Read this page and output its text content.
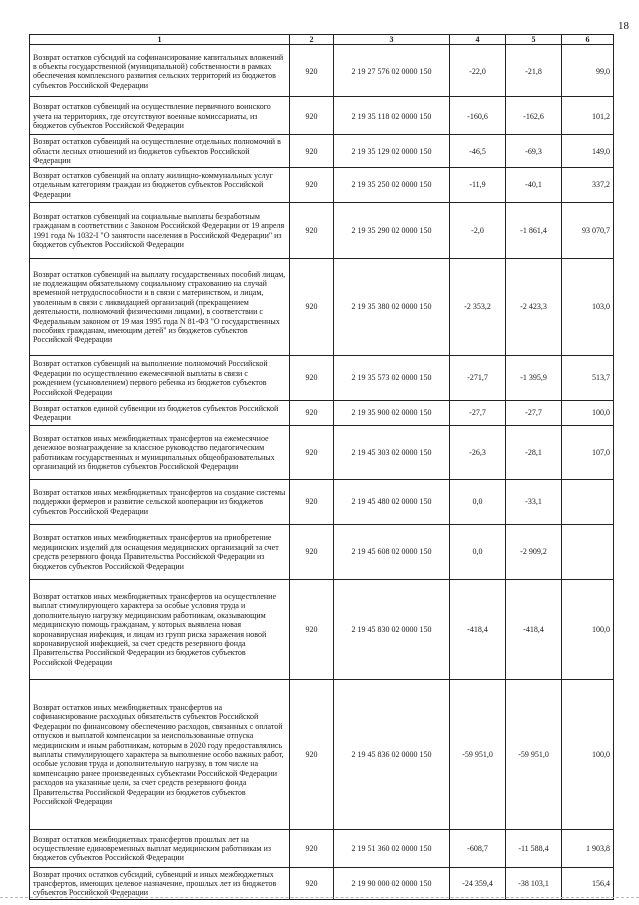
18
1	2	3	4	5	6
Возврат остатков субсидий на софинансирование капитальных вложений в объекты государственной (муниципальной) собственности в рамках обеспечения комплексного развития сельских территорий из бюджетов субъектов Российской Федерации	920	2 19 27 576 02 0000 150	-22,0	-21,8	99,0
Возврат остатков субвенций на осуществление первичного воинского учета на территориях, где отсутствуют военные комиссариаты, из бюджетов субъектов Российской Федерации	920	2 19 35 118 02 0000 150	-160,6	-162,6	101,2
Возврат остатков субвенций на осуществление отдельных полномочий в области лесных отношений из бюджетов субъектов Российской Федерации	920	2 19 35 129 02 0000 150	-46,5	-69,3	149,0
Возврат остатков субвенций на оплату жилищно-коммунальных услуг отдельным категориям граждан из бюджетов субъектов Российской Федерации	920	2 19 35 250 02 0000 150	-11,9	-40,1	337,2
Возврат остатков субвенций на социальные выплаты безработным гражданам в соответствии с Законом Российской Федерации от 19 апреля 1991 года № 1032-I "О занятости населения в Российской Федерации" из бюджетов субъектов Российской Федерации	920	2 19 35 290 02 0000 150	-2,0	-1 861,4	93 070,7
Возврат остатков субвенций на выплату государственных пособий лицам, не подлежащим обязательному социальному страхованию на случай временной нетрудоспособности и в связи с материнством, и лицам, уволенным в связи с ликвидацией организаций (прекращением деятельности, полномочий физическими лицами), в соответствии с Федеральным законом от 19 мая 1995 года N 81-ФЗ "О государственных пособиях гражданам, имеющим детей" из бюджетов субъектов Российской Федерации	920	2 19 35 380 02 0000 150	-2 353,2	-2 423,3	103,0
Возврат остатков субвенций на выполнение полномочий Российской Федерации по осуществлению ежемесячной выплаты в связи с рождением (усыновлением) первого ребенка из бюджетов субъектов Российской Федерации	920	2 19 35 573 02 0000 150	-271,7	-1 395,9	513,7
Возврат остатков единой субвенции из бюджетов субъектов Российской Федерации	920	2 19 35 900 02 0000 150	-27,7	-27,7	100,0
Возврат остатков иных межбюджетных трансфертов на ежемесячное денежное вознаграждение за классное руководство педагогическим работникам государственных и муниципальных общеобразовательных организаций из бюджетов субъектов Российской Федерации	920	2 19 45 303 02 0000 150	-26,3	-28,1	107,0
Возврат остатков иных межбюджетных трансфертов на создание системы поддержки фермеров и развитие сельской кооперации из бюджетов субъектов Российской Федерации	920	2 19 45 480 02 0000 150	0,0	-33,1	
Возврат остатков иных межбюджетных трансфертов на приобретение медицинских изделий для оснащения медицинских организаций за счет средств резервного фонда Правительства Российской Федерации из бюджетов субъектов Российской Федерации	920	2 19 45 608 02 0000 150	0,0	-2 909,2	
Возврат остатков иных межбюджетных трансфертов на осуществление выплат стимулирующего характера за особые условия труда и дополнительную нагрузку медицинским работникам, оказывающим медицинскую помощь гражданам, у которых выявлена новая коронавирусная инфекция, и лицам из групп риска заражения новой коронавирусной инфекцией, за счет средств резервного фонда Правительства Российской Федерации из бюджетов субъектов Российской Федерации	920	2 19 45 830 02 0000 150	-418,4	-418,4	100,0
Возврат остатков иных межбюджетных трансфертов на софинансирование расходных обязательств субъектов Российской Федерации по финансовому обеспечению расходов, связанных с оплатой отпусков и выплатой компенсации за неиспользованные отпуска медицинским и иным работникам, которым в 2020 году предоставлялись выплаты стимулирующего характера за выполнение особо важных работ, особые условия труда и дополнительную нагрузку, в том числе на компенсацию ранее произведенных субъектами Российской Федерации расходов на указанные цели, за счет средств резервного фонда Правительства Российской Федерации из бюджетов субъектов Российской Федерации	920	2 19 45 836 02 0000 150	-59 951,0	-59 951,0	100,0
Возврат остатков межбюджетных трансфертов прошлых лет на осуществление единовременных выплат медицинским работникам из бюджетов субъектов Российской Федерации	920	2 19 51 360 02 0000 150	-608,7	-11 588,4	1 903,8
Возврат прочих остатков субсидий, субвенций и иных межбюджетных трансфертов, имеющих целевое назначение, прошлых лет из бюджетов субъектов Российской Федерации	920	2 19 90 000 02 0000 150	-24 359,4	-38 103,1	156,4
